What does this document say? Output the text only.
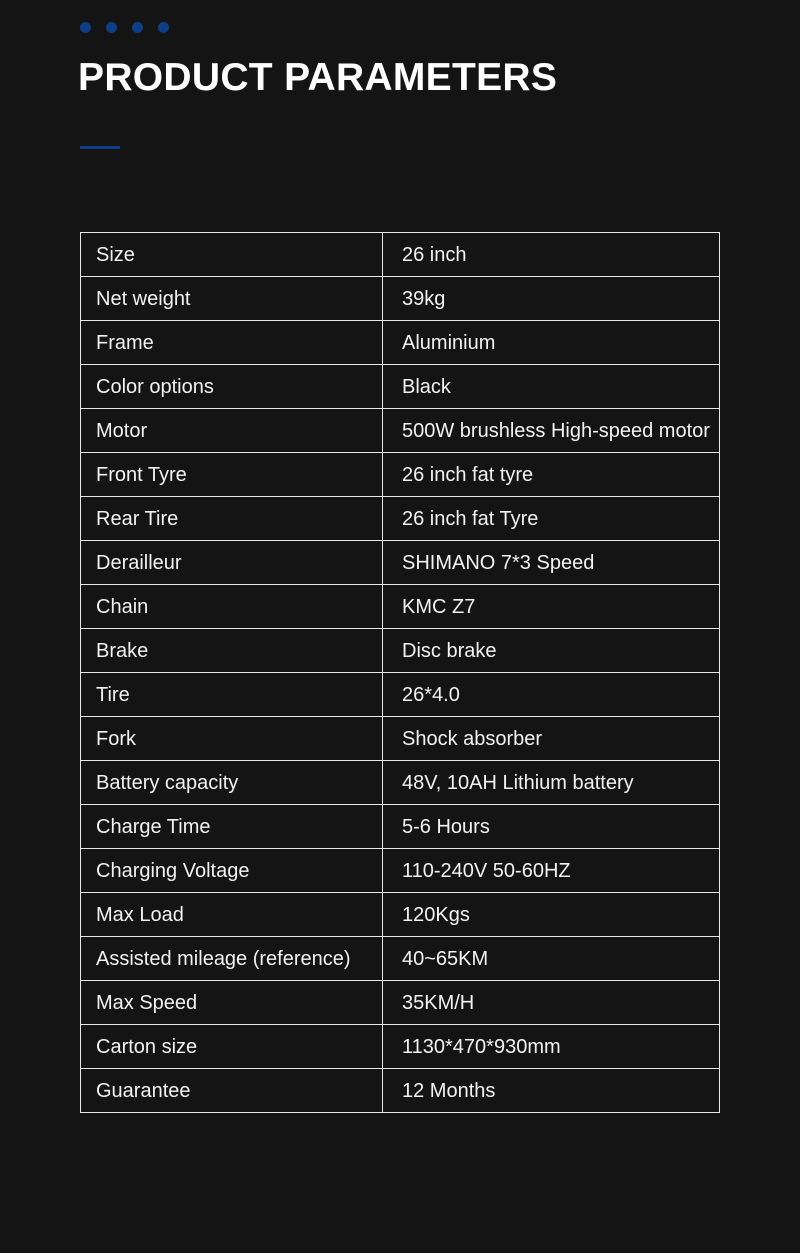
PRODUCT PARAMETERS
Size	26 inch
Net weight	39kg
Frame	Aluminium
Color options	Black
Motor	500W brushless High-speed motor
Front Tyre	26 inch fat tyre
Rear Tire	26 inch fat Tyre
Derailleur	SHIMANO 7*3 Speed
Chain	KMC Z7
Brake	Disc brake
Tire	26*4.0
Fork	Shock absorber
Battery capacity	48V, 10AH Lithium battery
Charge Time	5-6 Hours
Charging Voltage	110-240V 50-60HZ
Max Load	120Kgs
Assisted mileage (reference)	40~65KM
Max Speed	35KM/H
Carton size	1130*470*930mm
Guarantee	12 Months
